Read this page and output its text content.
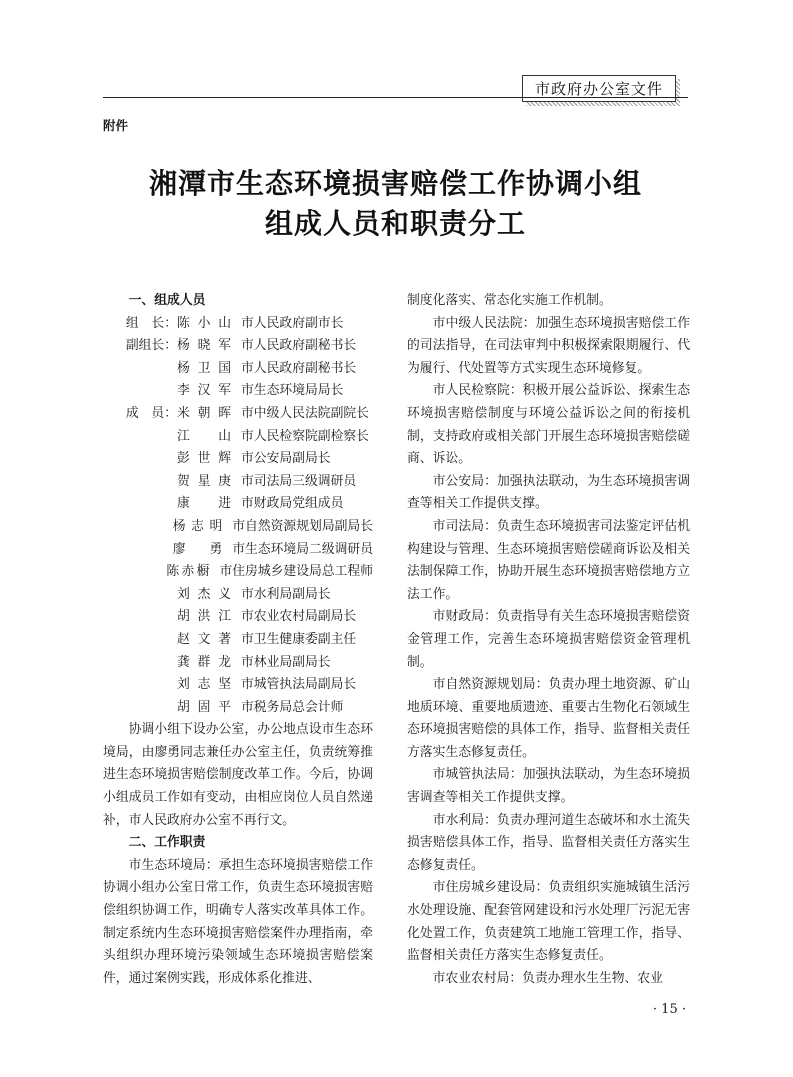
市政府办公室文件
附件
湘潭市生态环境损害赔偿工作协调小组
组成人员和职责分工

一、组成人员

组　长： 陈小山 市人民政府副市长
副组长： 杨晓军 市人民政府副秘书长
杨卫国 市人民政府副秘书长
李汉军 市生态环境局局长
成　员： 米朝晖 市中级人民法院副院长
江　山 市人民检察院副检察长
彭世辉 市公安局副局长
贺星庚 市司法局三级调研员
康　进 市财政局党组成员
杨志明 市自然资源规划局副局长
廖　勇 市生态环境局二级调研员
陈赤橱 市住房城乡建设局总工程师
刘杰义 市水利局副局长
胡洪江 市农业农村局副局长
赵文著 市卫生健康委副主任
龚群龙 市林业局副局长
刘志坚 市城管执法局副局长
胡固平 市税务局总会计师

协调小组下设办公室，办公地点设市生态环境局，由廖勇同志兼任办公室主任，负责统筹推进生态环境损害赔偿制度改革工作。今后，协调小组成员工作如有变动，由相应岗位人员自然递补，市人民政府办公室不再行文。

二、工作职责

市生态环境局：承担生态环境损害赔偿工作协调小组办公室日常工作，负责生态环境损害赔偿组织协调工作，明确专人落实改革具体工作。制定系统内生态环境损害赔偿案件办理指南，牵头组织办理环境污染领域生态环境损害赔偿案件，通过案例实践，形成体系化推进、

制度化落实、常态化实施工作机制。

市中级人民法院：加强生态环境损害赔偿工作的司法指导，在司法审判中积极探索限期履行、代为履行、代处置等方式实现生态环境修复。

市人民检察院：积极开展公益诉讼、探索生态环境损害赔偿制度与环境公益诉讼之间的衔接机制，支持政府或相关部门开展生态环境损害赔偿磋商、诉讼。

市公安局：加强执法联动，为生态环境损害调查等相关工作提供支撑。

市司法局：负责生态环境损害司法鉴定评估机构建设与管理、生态环境损害赔偿磋商诉讼及相关法制保障工作，协助开展生态环境损害赔偿地方立法工作。

市财政局：负责指导有关生态环境损害赔偿资金管理工作，完善生态环境损害赔偿资金管理机制。

市自然资源规划局：负责办理土地资源、矿山地质环境、重要地质遗迹、重要古生物化石领域生态环境损害赔偿的具体工作，指导、监督相关责任方落实生态修复责任。

市城管执法局：加强执法联动，为生态环境损害调查等相关工作提供支撑。

市水利局：负责办理河道生态破坏和水土流失损害赔偿具体工作，指导、监督相关责任方落实生态修复责任。

市住房城乡建设局：负责组织实施城镇生活污水处理设施、配套管网建设和污水处理厂污泥无害化处置工作，负责建筑工地施工管理工作，指导、监督相关责任方落实生态修复责任。

市农业农村局：负责办理水生生物、农业

· 15 ·
